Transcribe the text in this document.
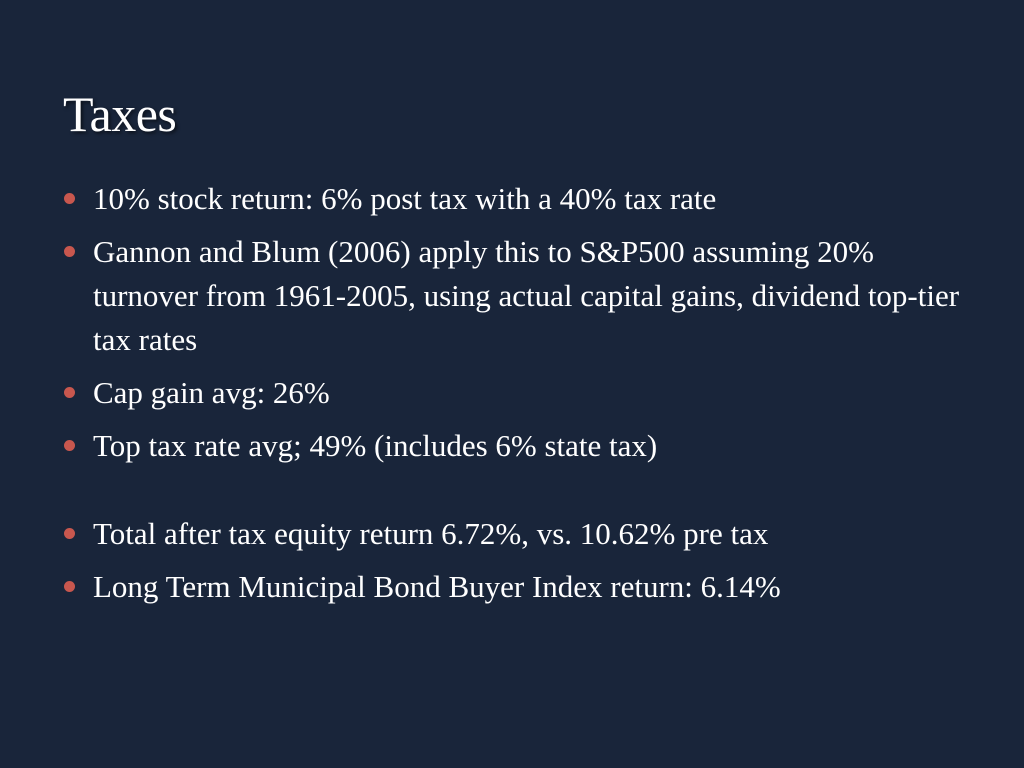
Taxes
10% stock return: 6% post tax with a 40% tax rate
Gannon and Blum (2006) apply this to S&P500 assuming 20% turnover from 1961-2005, using actual capital gains, dividend top-tier tax rates
Cap gain avg: 26%
Top tax rate avg; 49% (includes 6% state tax)
Total after tax equity return 6.72%, vs. 10.62% pre tax
Long Term Municipal Bond Buyer Index return: 6.14%
